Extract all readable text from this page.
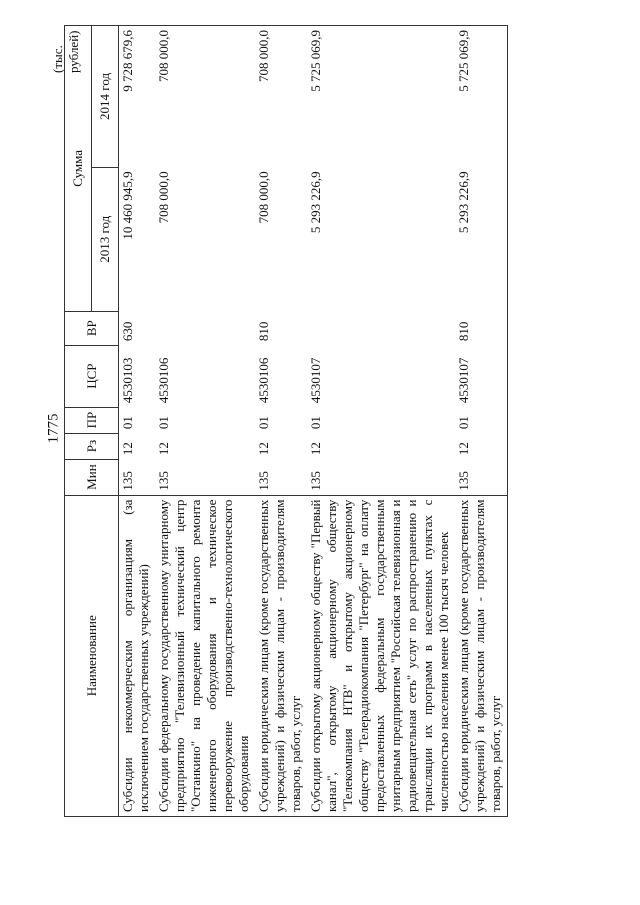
1775
(тыс. рублей)
Наименование	Мин	Рз	ПР	ЦСР	ВР	Сумма	
						2013 год	2014 год
Субсидии некоммерческим организациям (за исключением государственных учреждений)	135	12	01	4530103	630	10 460 945,9	9 728 679,6
Субсидии федеральному государственному унитарному предприятию "Телевизионный технический центр "Останкино" на проведение капитального ремонта инженерного оборудования и техническое перевооружение производственно-технологического оборудования	135	12	01	4530106		708 000,0	708 000,0
Субсидии юридическим лицам (кроме государственных учреждений) и физическим лицам - производителям товаров, работ, услуг	135	12	01	4530106	810	708 000,0	708 000,0
Субсидии открытому акционерному обществу "Первый канал", открытому акционерному обществу "Телекомпания НТВ" и открытому акционерному обществу "Телерадиокомпания "Петербург" на оплату предоставленных федеральным государственным унитарным предприятием "Российская телевизионная и радиовещательная сеть" услуг по распространению и трансляции их программ в населенных пунктах с численностью населения менее 100 тысяч человек	135	12	01	4530107		5 293 226,9	5 725 069,9
Субсидии юридическим лицам (кроме государственных учреждений) и физическим лицам - производителям товаров, работ, услуг	135	12	01	4530107	810	5 293 226,9	5 725 069,9
